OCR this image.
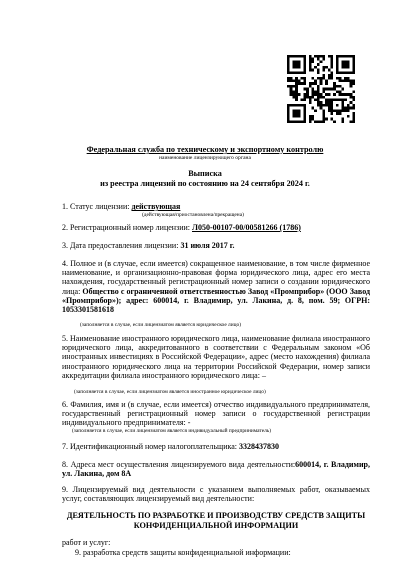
Федеральная служба по техническому и экспортному контролю
наименование лицензирующего органа
Выписка
из реестра лицензий по состоянию на 24 сентября 2024 г.
1. Статус лицензии: действующая
(действующая/приостановлена/прекращена)
2. Регистрационный номер лицензии: Л050-00107-00/00581266 (1786)
3. Дата предоставления лицензии: 31 июля 2017 г.
4. Полное и (в случае, если имеется) сокращенное наименование, в том числе фирменное наименование, и организационно-правовая форма юридического лица, адрес его места нахождения, государственный регистрационный номер записи о создании юридического лица: Общество с ограниченной ответственностью Завод «Промприбор» (ООО Завод «Промприбор»); адрес: 600014, г. Владимир, ул. Лакина, д. 8, пом. 59; ОГРН: 1053301581618
(заполняется в случае, если лицензиатом является юридическое лицо)
5. Наименование иностранного юридического лица, наименование филиала иностранного юридического лица, аккредитованного в соответствии с Федеральным законом «Об иностранных инвестициях в Российской Федерации», адрес (место нахождения) филиала иностранного юридического лица на территории Российской Федерации, номер записи аккредитации филиала иностранного юридического лица: –
(заполняется в случае, если лицензиатом является иностранное юридическое лицо)
6. Фамилия, имя и (в случае, если имеется) отчество индивидуального предпринимателя, государственный регистрационный номер записи о государственной регистрации индивидуального предпринимателя: -
(заполняется в случае, если лицензиатом является индивидуальный предприниматель)
7. Идентификационный номер налогоплательщика: 3328437830
8. Адреса мест осуществления лицензируемого вида деятельности:600014, г. Владимир, ул. Лакина, дом 8А
9. Лицензируемый вид деятельности с указанием выполняемых работ, оказываемых услуг, составляющих лицензируемый вид деятельности:
ДЕЯТЕЛЬНОСТЬ ПО РАЗРАБОТКЕ И ПРОИЗВОДСТВУ СРЕДСТВ ЗАЩИТЫ КОНФИДЕНЦИАЛЬНОЙ ИНФОРМАЦИИ
работ и услуг:
9. разработка средств защиты конфиденциальной информации:
